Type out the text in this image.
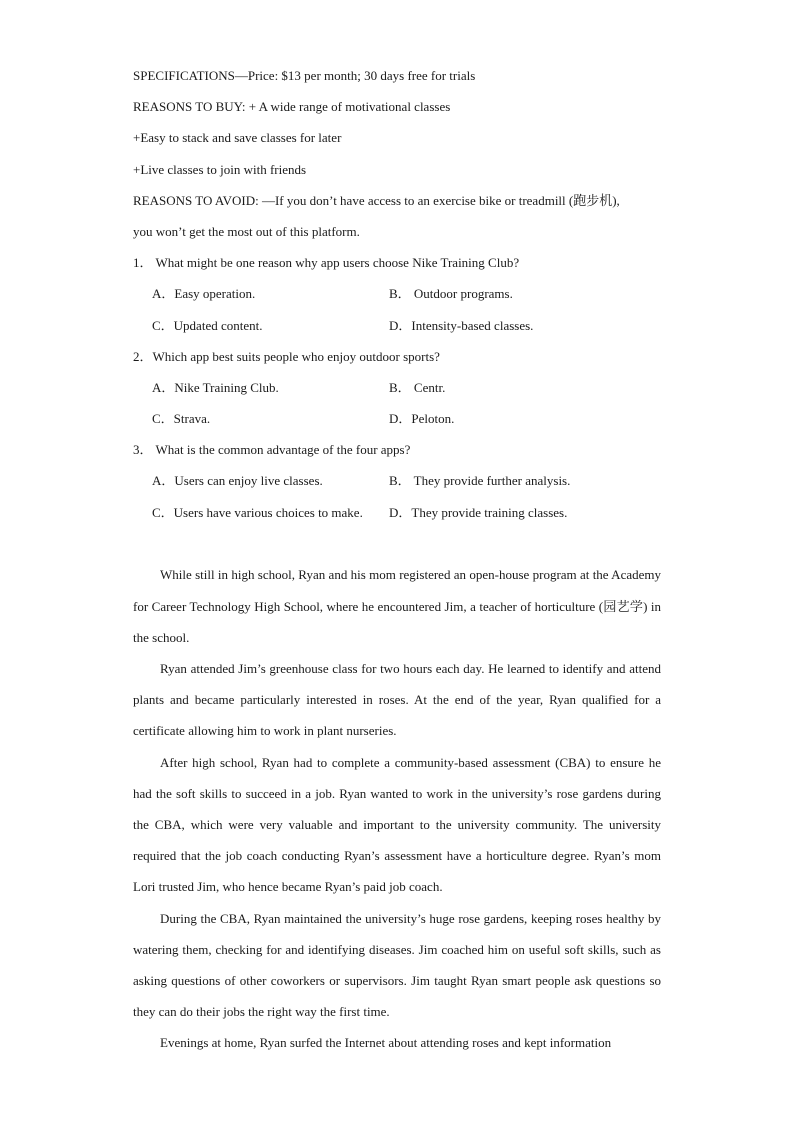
SPECIFICATIONS—Price: $13 per month; 30 days free for trials
REASONS TO BUY: + A wide range of motivational classes
+Easy to stack and save classes for later
+Live classes to join with friends
REASONS TO AVOID: —If you don’t have access to an exercise bike or treadmill (跑步机),
you won’t get the most out of this platform.
1． What might be one reason why app users choose Nike Training Club?
A．Easy operation.	B． Outdoor programs.
C．Updated content.	D．Intensity-based classes.
2．Which app best suits people who enjoy outdoor sports?
A．Nike Training Club.	B． Centr.
C．Strava.	D．Peloton.
3． What is the common advantage of the four apps?
A．Users can enjoy live classes.	B． They provide further analysis.
C．Users have various choices to make.	D．They provide training classes.

While still in high school, Ryan and his mom registered an open-house program at the Academy for Career Technology High School, where he encountered Jim, a teacher of horticulture (园艺学) in the school.

Ryan attended Jim’s greenhouse class for two hours each day. He learned to identify and attend plants and became particularly interested in roses. At the end of the year, Ryan qualified for a certificate allowing him to work in plant nurseries.

After high school, Ryan had to complete a community-based assessment (CBA) to ensure he had the soft skills to succeed in a job. Ryan wanted to work in the university’s rose gardens during the CBA, which were very valuable and important to the university community. The university required that the job coach conducting Ryan’s assessment have a horticulture degree. Ryan’s mom Lori trusted Jim, who hence became Ryan’s paid job coach.

During the CBA, Ryan maintained the university’s huge rose gardens, keeping roses healthy by watering them, checking for and identifying diseases. Jim coached him on useful soft skills, such as asking questions of other coworkers or supervisors. Jim taught Ryan smart people ask questions so they can do their jobs the right way the first time.

Evenings at home, Ryan surfed the Internet about attending roses and kept information
